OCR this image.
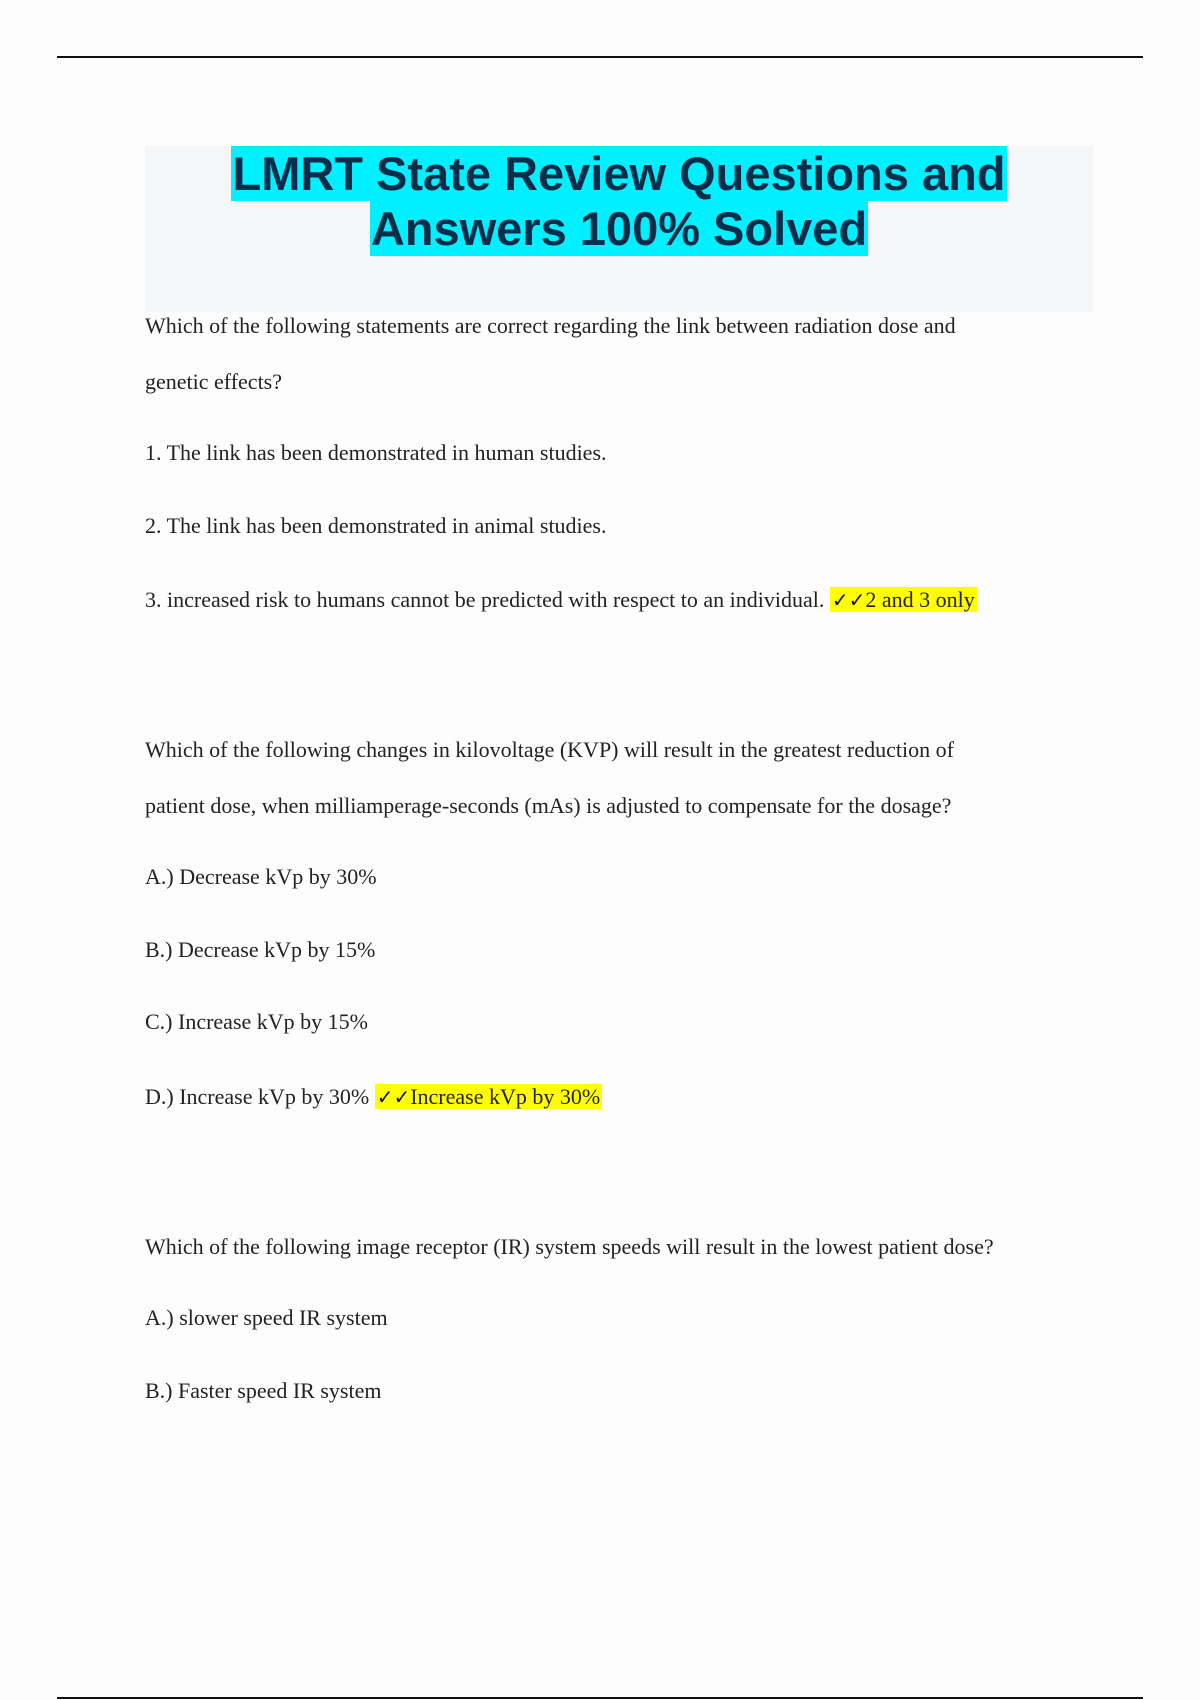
LMRT State Review Questions and
Answers 100% Solved
Which of the following statements are correct regarding the link between radiation dose and
genetic effects?
1. The link has been demonstrated in human studies.
2. The link has been demonstrated in animal studies.
3. increased risk to humans cannot be predicted with respect to an individual. ✓✓2 and 3 only
Which of the following changes in kilovoltage (KVP) will result in the greatest reduction of
patient dose, when milliamperage-seconds (mAs) is adjusted to compensate for the dosage?
A.) Decrease kVp by 30%
B.) Decrease kVp by 15%
C.) Increase kVp by 15%
D.) Increase kVp by 30% ✓✓Increase kVp by 30%
Which of the following image receptor (IR) system speeds will result in the lowest patient dose?
A.) slower speed IR system
B.) Faster speed IR system
